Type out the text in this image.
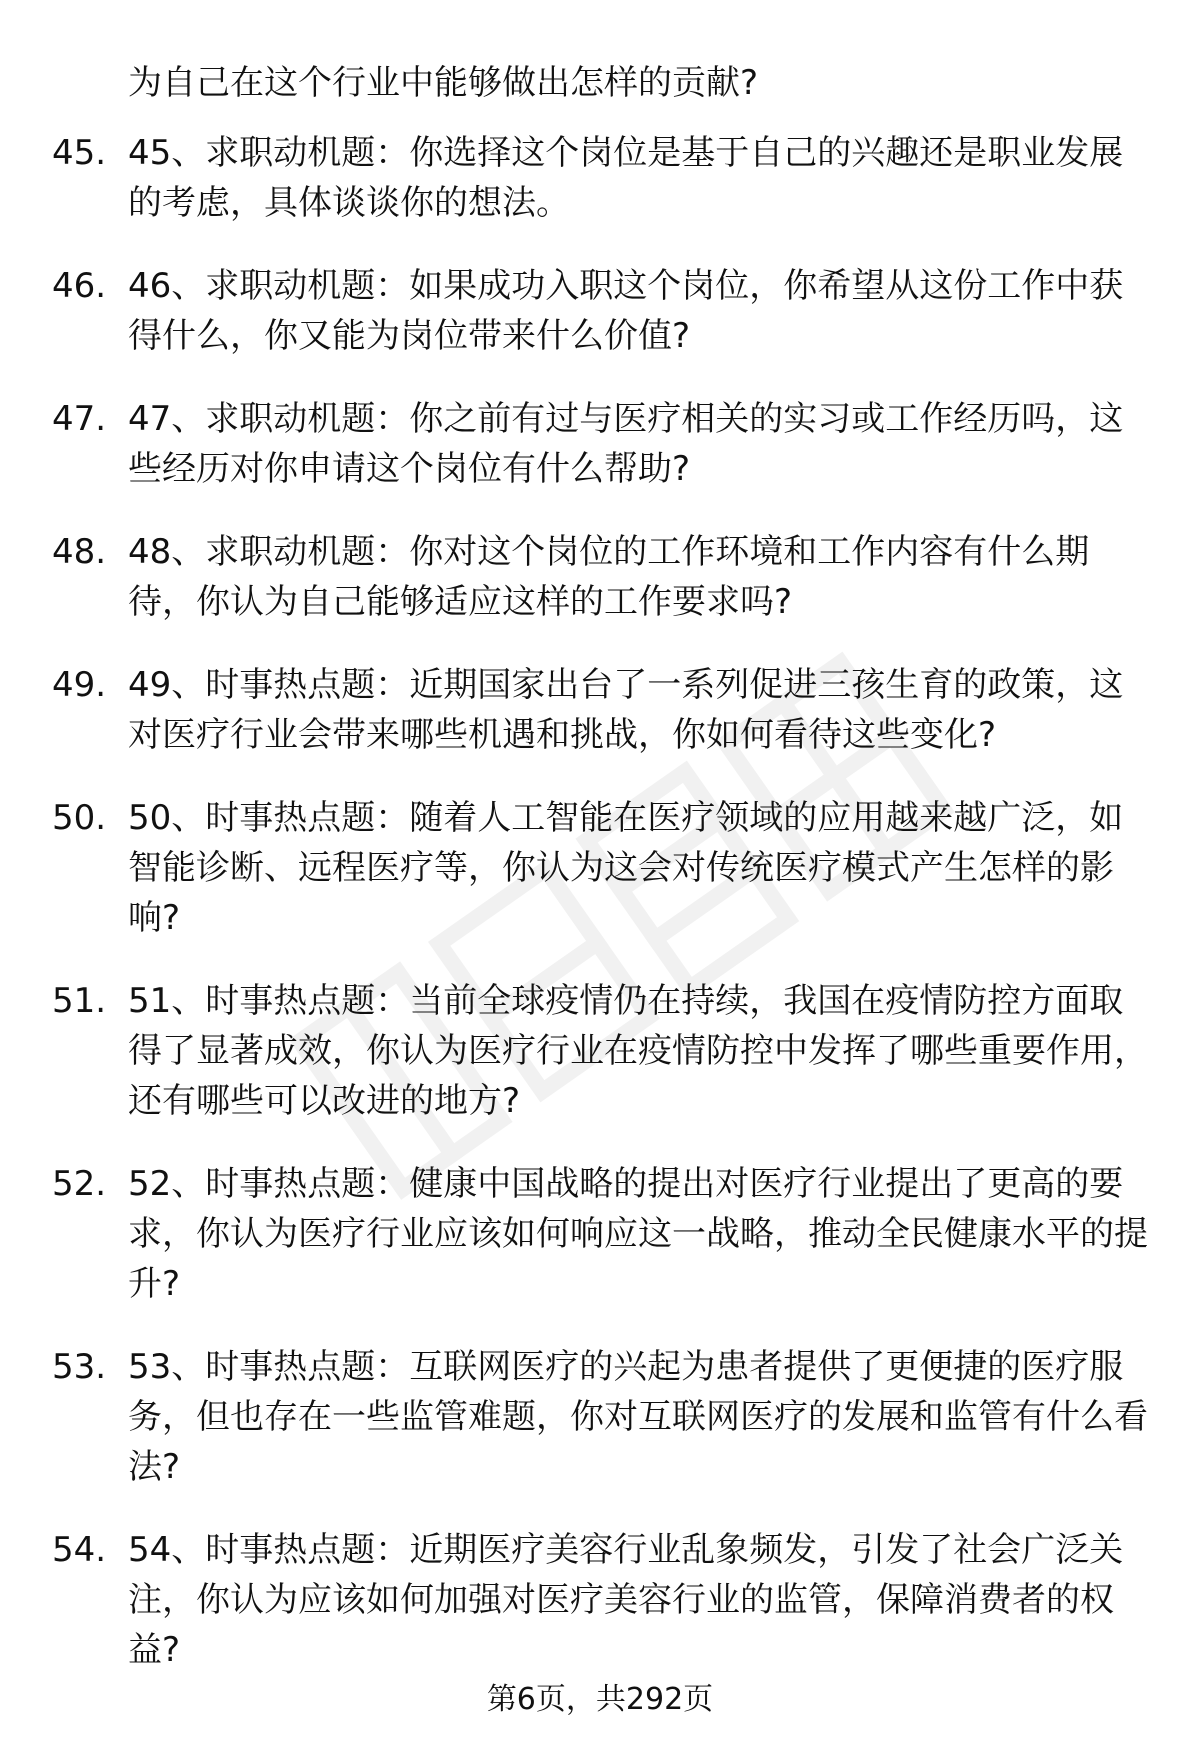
为自己在这个行业中能够做出怎样的贡献?
45. 45、求职动机题：你选择这个岗位是基于自己的兴趣还是职业发展的考虑，具体谈谈你的想法。
46. 46、求职动机题：如果成功入职这个岗位，你希望从这份工作中获得什么，你又能为岗位带来什么价值?
47. 47、求职动机题：你之前有过与医疗相关的实习或工作经历吗，这些经历对你申请这个岗位有什么帮助?
48. 48、求职动机题：你对这个岗位的工作环境和工作内容有什么期待，你认为自己能够适应这样的工作要求吗?
49. 49、时事热点题：近期国家出台了一系列促进三孩生育的政策，这对医疗行业会带来哪些机遇和挑战，你如何看待这些变化?
50. 50、时事热点题：随着人工智能在医疗领域的应用越来越广泛，如智能诊断、远程医疗等，你认为这会对传统医疗模式产生怎样的影响?
51. 51、时事热点题：当前全球疫情仍在持续，我国在疫情防控方面取得了显著成效，你认为医疗行业在疫情防控中发挥了哪些重要作用，还有哪些可以改进的地方?
52. 52、时事热点题：健康中国战略的提出对医疗行业提出了更高的要求，你认为医疗行业应该如何响应这一战略，推动全民健康水平的提升?
53. 53、时事热点题：互联网医疗的兴起为患者提供了更便捷的医疗服务，但也存在一些监管难题，你对互联网医疗的发展和监管有什么看法?
54. 54、时事热点题：近期医疗美容行业乱象频发，引发了社会广泛关注，你认为应该如何加强对医疗美容行业的监管，保障消费者的权益?
第6页，共292页
